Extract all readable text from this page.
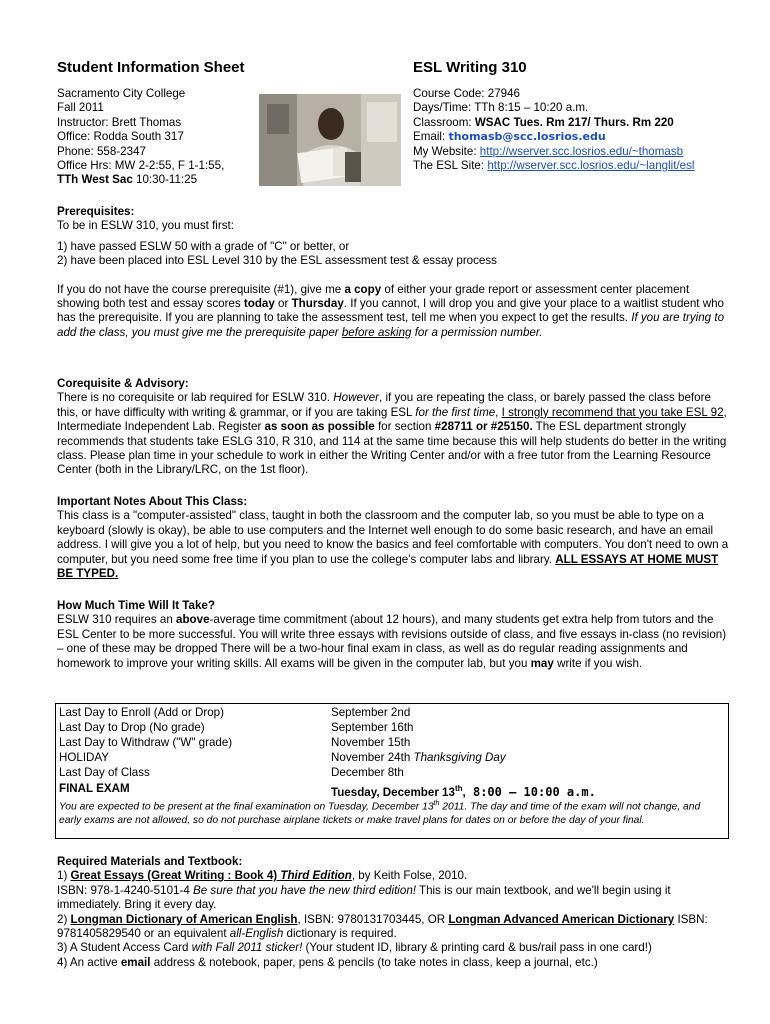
Student Information Sheet	ESL Writing 310
Sacramento City College
Fall 2011
Instructor: Brett Thomas
Office: Rodda South 317
Phone: 558-2347
Office Hrs: MW 2-2:55, F 1-1:55,
TTh West Sac 10:30-11:25
Course Code: 27946
Days/Time: TTh 8:15 – 10:20 a.m.
Classroom: WSAC Tues. Rm 217/ Thurs. Rm 220
Email: thomasb@scc.losrios.edu
My Website: http://wserver.scc.losrios.edu/~thomasb
The ESL Site: http://wserver.scc.losrios.edu/~langlit/esl

Prerequisites:

To be in ESLW 310, you must first:

1) have passed ESLW 50 with a grade of "C" or better, or

2) have been placed into ESL Level 310 by the ESL assessment test & essay process

If you do not have the course prerequisite (#1), give me a copy of either your grade report or assessment center placement showing both test and essay scores today or Thursday. If you cannot, I will drop you and give your place to a waitlist student who has the prerequisite. If you are planning to take the assessment test, tell me when you expect to get the results. If you are trying to add the class, you must give me the prerequisite paper before asking for a permission number.

Corequisite & Advisory:

There is no corequisite or lab required for ESLW 310. However, if you are repeating the class, or barely passed the class before this, or have difficulty with writing & grammar, or if you are taking ESL for the first time, I strongly recommend that you take ESL 92, Intermediate Independent Lab. Register as soon as possible for section #28711 or #25150. The ESL department strongly recommends that students take ESLG 310, R 310, and 114 at the same time because this will help students do better in the writing class. Please plan time in your schedule to work in either the Writing Center and/or with a free tutor from the Learning Resource Center (both in the Library/LRC, on the 1st floor).

Important Notes About This Class:

This class is a "computer-assisted" class, taught in both the classroom and the computer lab, so you must be able to type on a keyboard (slowly is okay), be able to use computers and the Internet well enough to do some basic research, and have an email address. I will give you a lot of help, but you need to know the basics and feel comfortable with computers. You don't need to own a computer, but you need some free time if you plan to use the college's computer labs and library. ALL ESSAYS AT HOME MUST BE TYPED.

How Much Time Will It Take?

ESLW 310 requires an above-average time commitment (about 12 hours), and many students get extra help from tutors and the ESL Center to be more successful. You will write three essays with revisions outside of class, and five essays in-class (no revision) – one of these may be dropped There will be a two-hour final exam in class, as well as do regular reading assignments and homework to improve your writing skills. All exams will be given in the computer lab, but you may write if you wish.

Last Day to Enroll (Add or Drop)	September 2nd
Last Day to Drop (No grade)	September 16th
Last Day to Withdraw ("W" grade)	November 15th
HOLIDAY	November 24th Thanksgiving Day
Last Day of Class	December 8th
FINAL EXAM	Tuesday, December 13th, 8:00 – 10:00 a.m.
You are expected to be present at the final examination on Tuesday, December 13th 2011. The day and time of the exam will not change, and early exams are not allowed, so do not purchase airplane tickets or make travel plans for dates on or before the day of your final.

Required Materials and Textbook:

1) Great Essays (Great Writing : Book 4) Third Edition, by Keith Folse, 2010.

ISBN: 978-1-4240-5101-4 Be sure that you have the new third edition! This is our main textbook, and we'll begin using it immediately. Bring it every day.

2) Longman Dictionary of American English, ISBN: 9780131703445, OR Longman Advanced American Dictionary ISBN: 9781405829540 or an equivalent all-English dictionary is required.

3) A Student Access Card with Fall 2011 sticker! (Your student ID, library & printing card & bus/rail pass in one card!)

4) An active email address & notebook, paper, pens & pencils (to take notes in class, keep a journal, etc.)
